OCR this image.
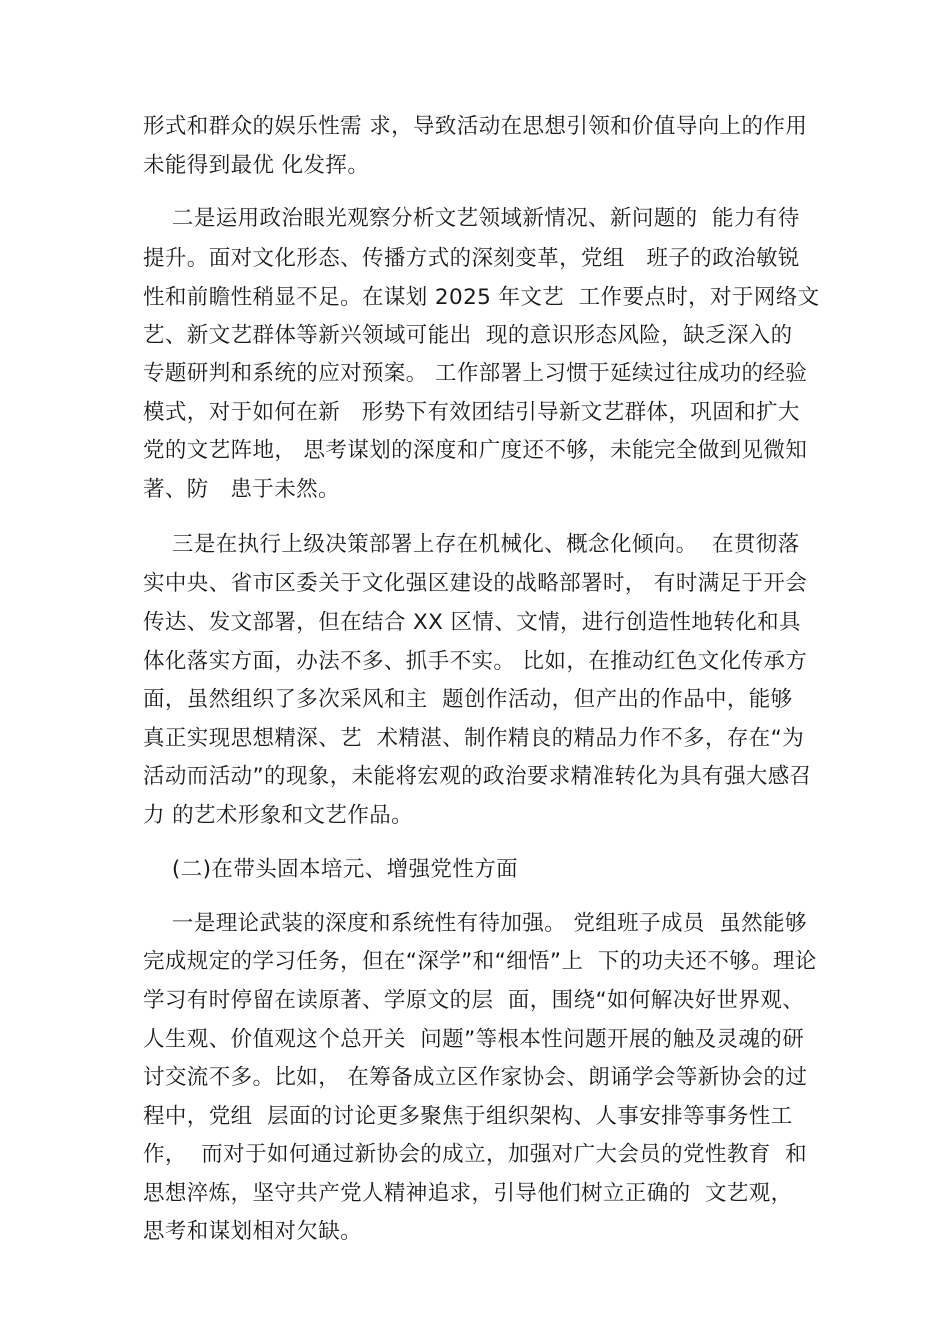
形式和群众的娱乐性需 求，导致活动在思想引领和价值导向上的作用
未能得到最优 化发挥。
二是运用政治眼光观察分析文艺领域新情况、新问题的  能力有待
提升。面对文化形态、传播方式的深刻变革，党组   班子的政治敏锐
性和前瞻性稍显不足。在谋划 2025 年文艺  工作要点时，对于网络文
艺、新文艺群体等新兴领域可能出  现的意识形态风险，缺乏深入的
专题研判和系统的应对预案。 工作部署上习惯于延续过往成功的经验
模式，对于如何在新   形势下有效团结引导新文艺群体，巩固和扩大
党的文艺阵地， 思考谋划的深度和广度还不够，未能完全做到见微知
著、防   患于未然。
三是在执行上级决策部署上存在机械化、概念化倾向。  在贯彻落
实中央、省市区委关于文化强区建设的战略部署时， 有时满足于开会
传达、发文部署，但在结合 XX 区情、文情，进行创造性地转化和具
体化落实方面，办法不多、抓手不实。 比如，在推动红色文化传承方
面，虽然组织了多次采风和主  题创作活动，但产出的作品中，能够
真正实现思想精深、艺  术精湛、制作精良的精品力作不多，存在“为
活动而活动”的现象，未能将宏观的政治要求精准转化为具有强大感召
力 的艺术形象和文艺作品。
(二)在带头固本培元、增强党性方面
一是理论武装的深度和系统性有待加强。 党组班子成员  虽然能够
完成规定的学习任务，但在“深学”和“细悟”上  下的功夫还不够。理论
学习有时停留在读原著、学原文的层  面，围绕“如何解决好世界观、
人生观、价值观这个总开关  问题”等根本性问题开展的触及灵魂的研
讨交流不多。比如， 在筹备成立区作家协会、朗诵学会等新协会的过
程中，党组  层面的讨论更多聚焦于组织架构、人事安排等事务性工
作，  而对于如何通过新协会的成立，加强对广大会员的党性教育  和
思想淬炼，坚守共产党人精神追求，引导他们树立正确的  文艺观，
思考和谋划相对欠缺。
